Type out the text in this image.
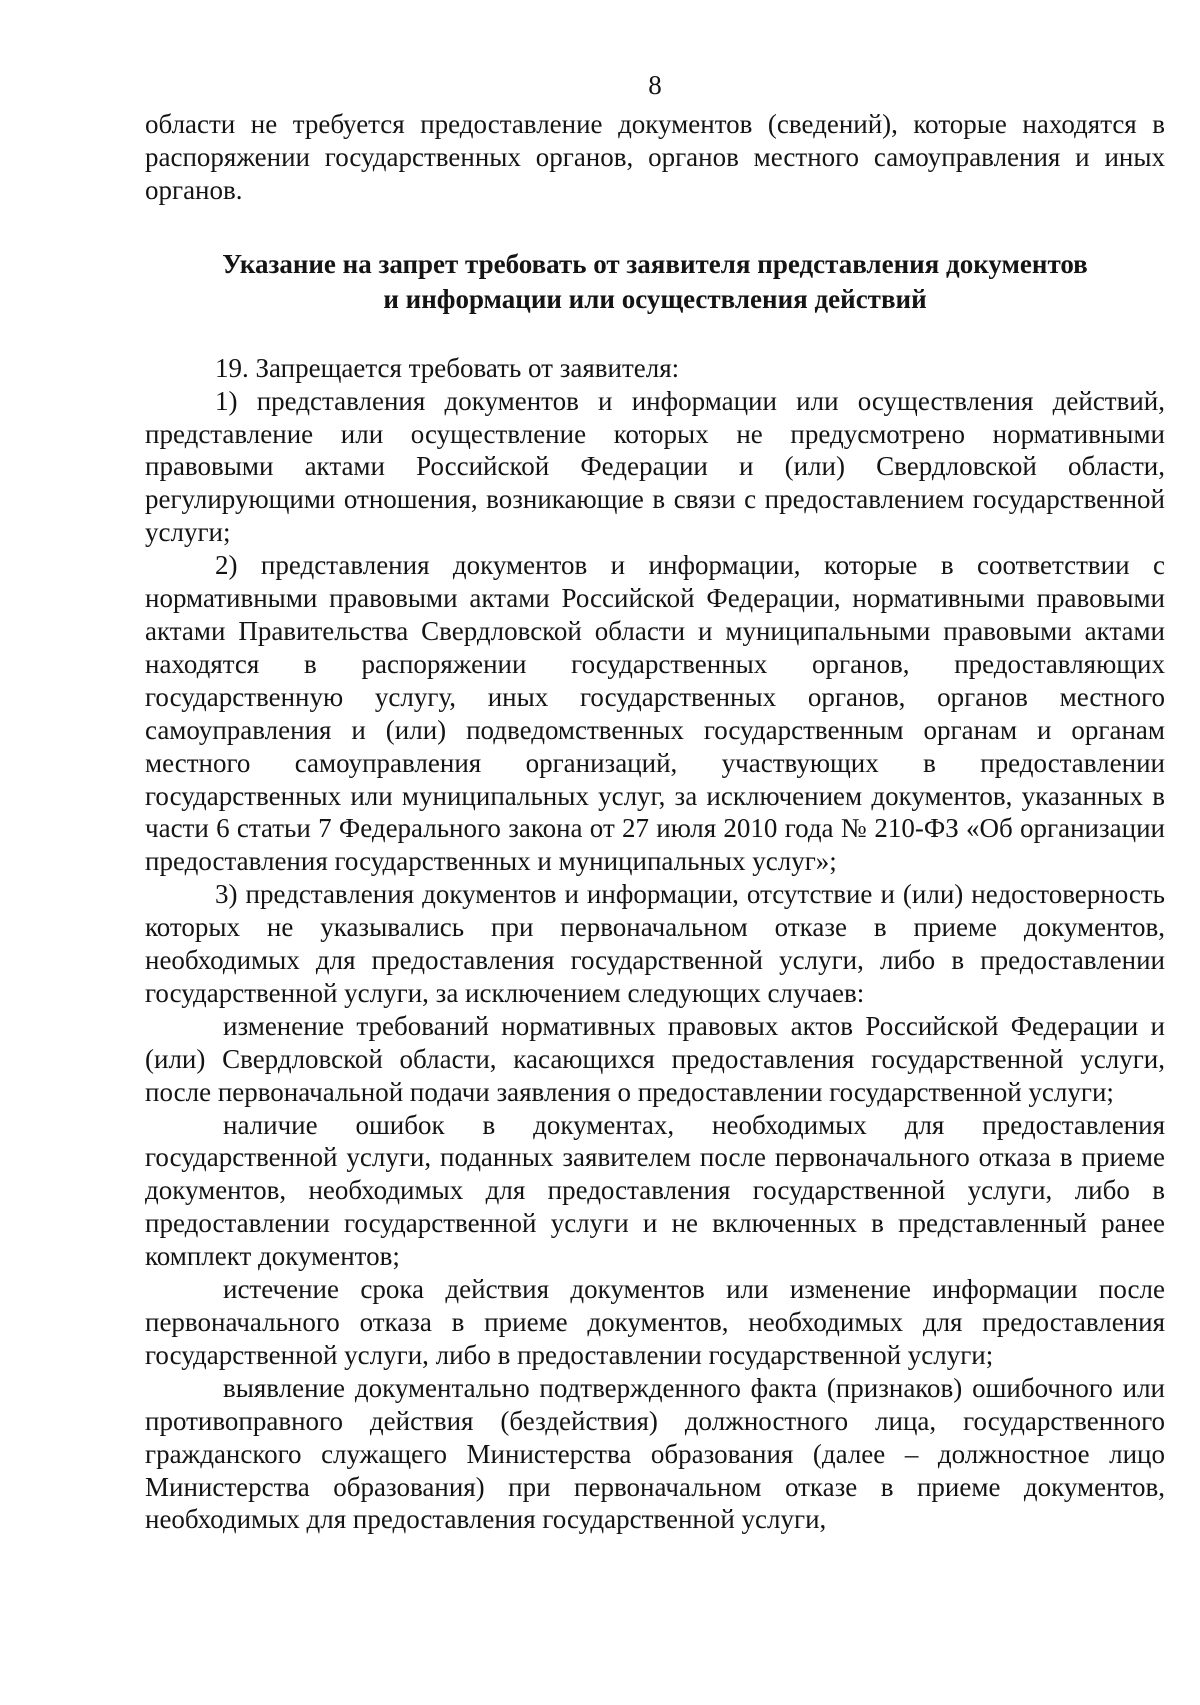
8

области не требуется предоставление документов (сведений), которые находятся в распоряжении государственных органов, органов местного самоуправления и иных органов.

Указание на запрет требовать от заявителя представления документов
и информации или осуществления действий

19. Запрещается требовать от заявителя:

1) представления документов и информации или осуществления действий, представление или осуществление которых не предусмотрено нормативными правовыми актами Российской Федерации и (или) Свердловской области, регулирующими отношения, возникающие в связи с предоставлением государственной услуги;

2) представления документов и информации, которые в соответствии с нормативными правовыми актами Российской Федерации, нормативными правовыми актами Правительства Свердловской области и муниципальными правовыми актами находятся в распоряжении государственных органов, предоставляющих государственную услугу, иных государственных органов, органов местного самоуправления и (или) подведомственных государственным органам и органам местного самоуправления организаций, участвующих в предоставлении государственных или муниципальных услуг, за исключением документов, указанных в части 6 статьи 7 Федерального закона от 27 июля 2010 года № 210-ФЗ «Об организации предоставления государственных и муниципальных услуг»;

3) представления документов и информации, отсутствие и (или) недостоверность которых не указывались при первоначальном отказе в приеме документов, необходимых для предоставления государственной услуги, либо в предоставлении государственной услуги, за исключением следующих случаев:

изменение требований нормативных правовых актов Российской Федерации и (или) Свердловской области, касающихся предоставления государственной услуги, после первоначальной подачи заявления о предоставлении государственной услуги;

наличие ошибок в документах, необходимых для предоставления государственной услуги, поданных заявителем после первоначального отказа в приеме документов, необходимых для предоставления государственной услуги, либо в предоставлении государственной услуги и не включенных в представленный ранее комплект документов;

истечение срока действия документов или изменение информации после первоначального отказа в приеме документов, необходимых для предоставления государственной услуги, либо в предоставлении государственной услуги;

выявление документально подтвержденного факта (признаков) ошибочного или противоправного действия (бездействия) должностного лица, государственного гражданского служащего Министерства образования (далее – должностное лицо Министерства образования) при первоначальном отказе в приеме документов, необходимых для предоставления государственной услуги,
